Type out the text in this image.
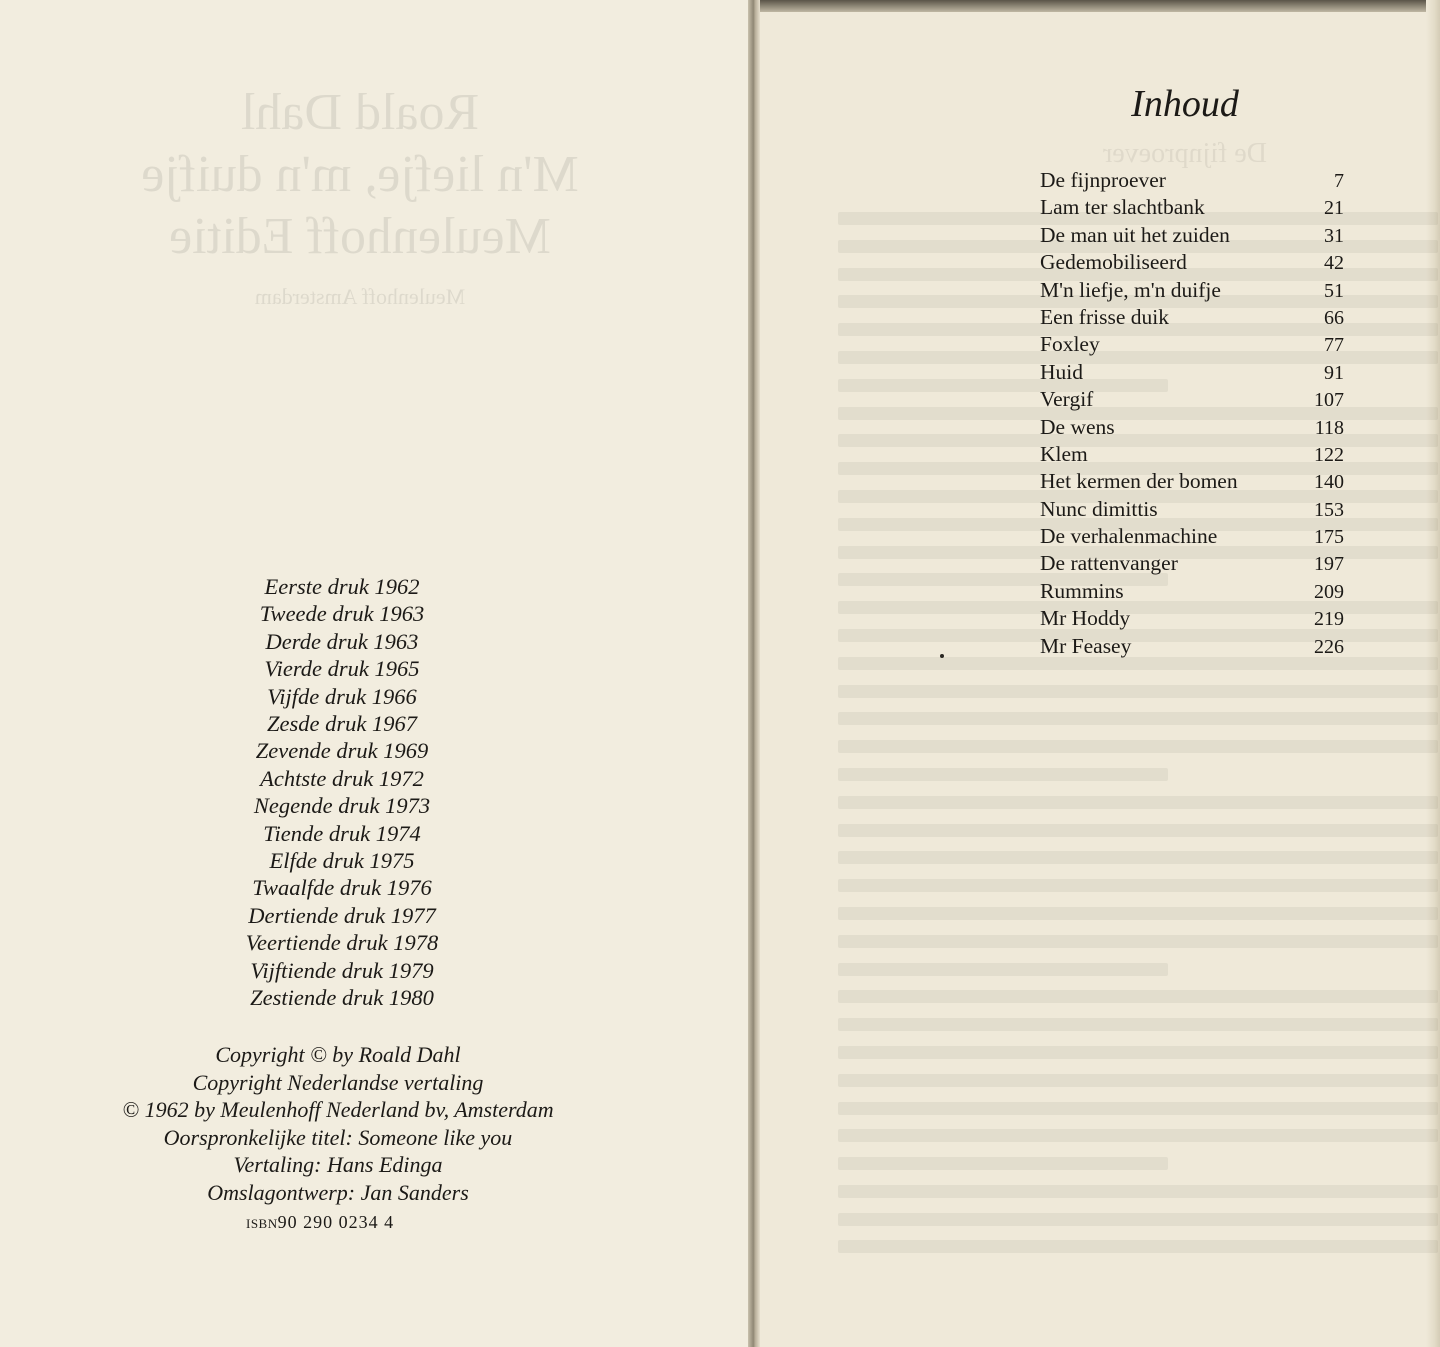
Roald Dahl
M'n liefje, m'n duifje
Meulenhoff Editie
Meulenhoff Amsterdam
Eerste druk 1962
Tweede druk 1963
Derde druk 1963
Vierde druk 1965
Vijfde druk 1966
Zesde druk 1967
Zevende druk 1969
Achtste druk 1972
Negende druk 1973
Tiende druk 1974
Elfde druk 1975
Twaalfde druk 1976
Dertiende druk 1977
Veertiende druk 1978
Vijftiende druk 1979
Zestiende druk 1980
Copyright © by Roald Dahl
Copyright Nederlandse vertaling
© 1962 by Meulenhoff Nederland bv, Amsterdam
Oorspronkelijke titel: Someone like you
Vertaling: Hans Edinga
Omslagontwerp: Jan Sanders
ISBN90 290 0234 4
De fijnproever
Inhoud
De fijnproever	7
Lam ter slachtbank	21
De man uit het zuiden	31
Gedemobiliseerd	42
M'n liefje, m'n duifje	51
Een frisse duik	66
Foxley	77
Huid	91
Vergif	107
De wens	118
Klem	122
Het kermen der bomen	140
Nunc dimittis	153
De verhalenmachine	175
De rattenvanger	197
Rummins	209
Mr Hoddy	219
Mr Feasey	226
